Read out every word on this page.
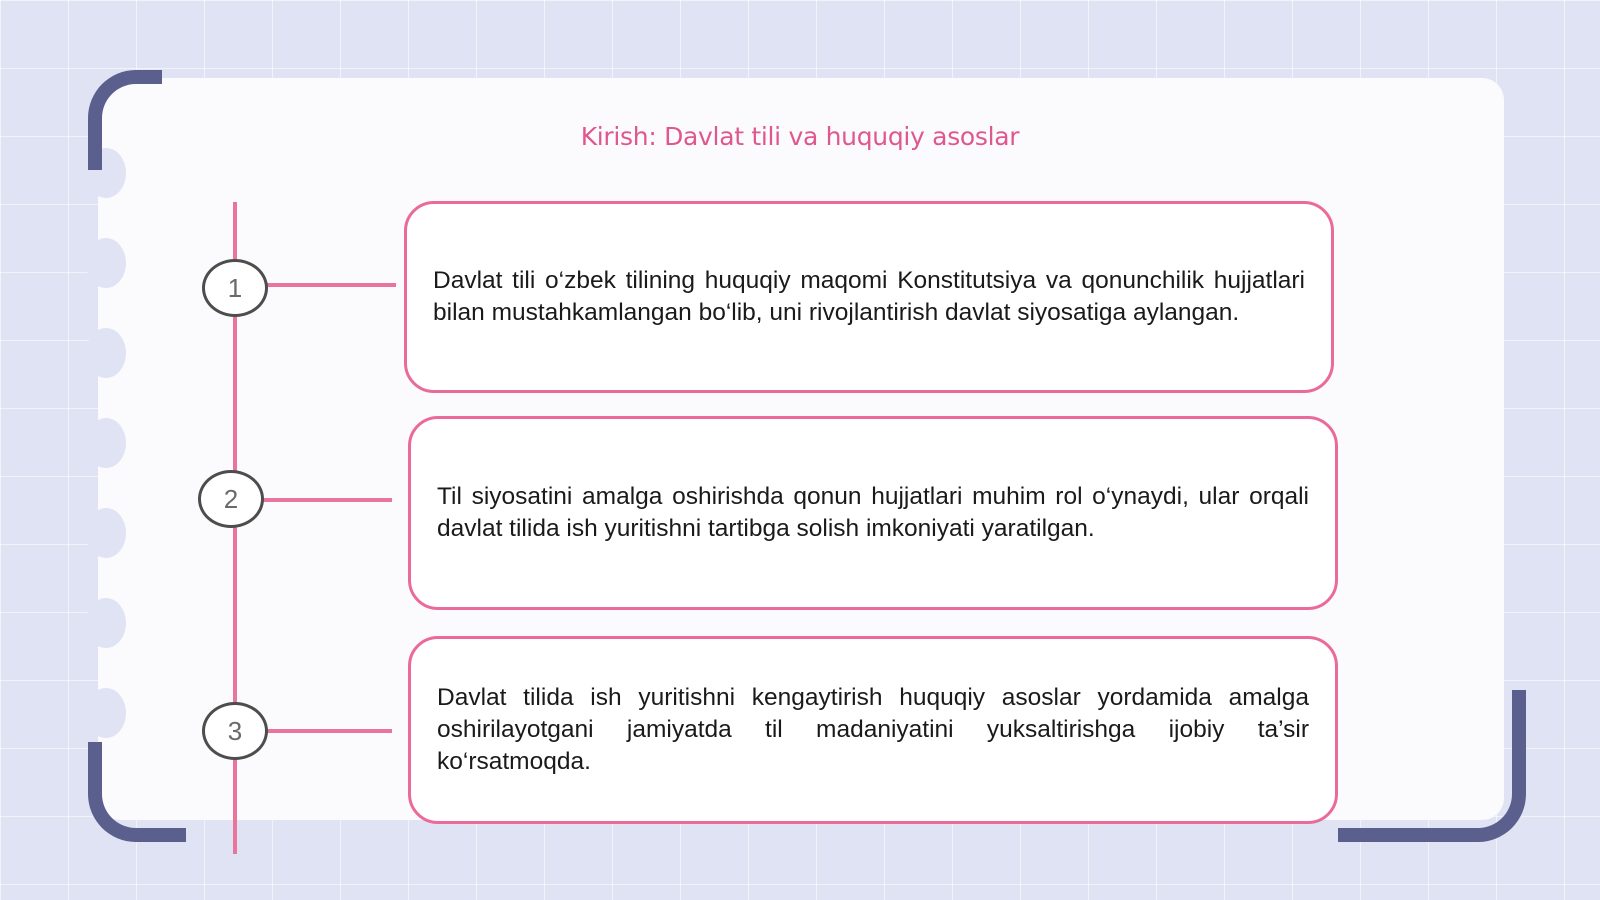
Kirish: Davlat tili va huquqiy asoslar
1	Davlat tili o‘zbek tilining huquqiy maqomi Konstitutsiya va qonunchilik hujjatlari bilan mustahkamlangan bo‘lib, uni rivojlantirish davlat siyosatiga aylangan.

2	Til siyosatini amalga oshirishda qonun hujjatlari muhim rol o‘ynaydi, ular orqali davlat tilida ish yuritishni tartibga solish imkoniyati yaratilgan.

3

Davlat tilida ish yuritishni kengaytirish huquqiy asoslar yordamida amalga oshirilayotgani jamiyatda til madaniyatini yuksaltirishga ijobiy ta’sir ko‘rsatmoqda.
